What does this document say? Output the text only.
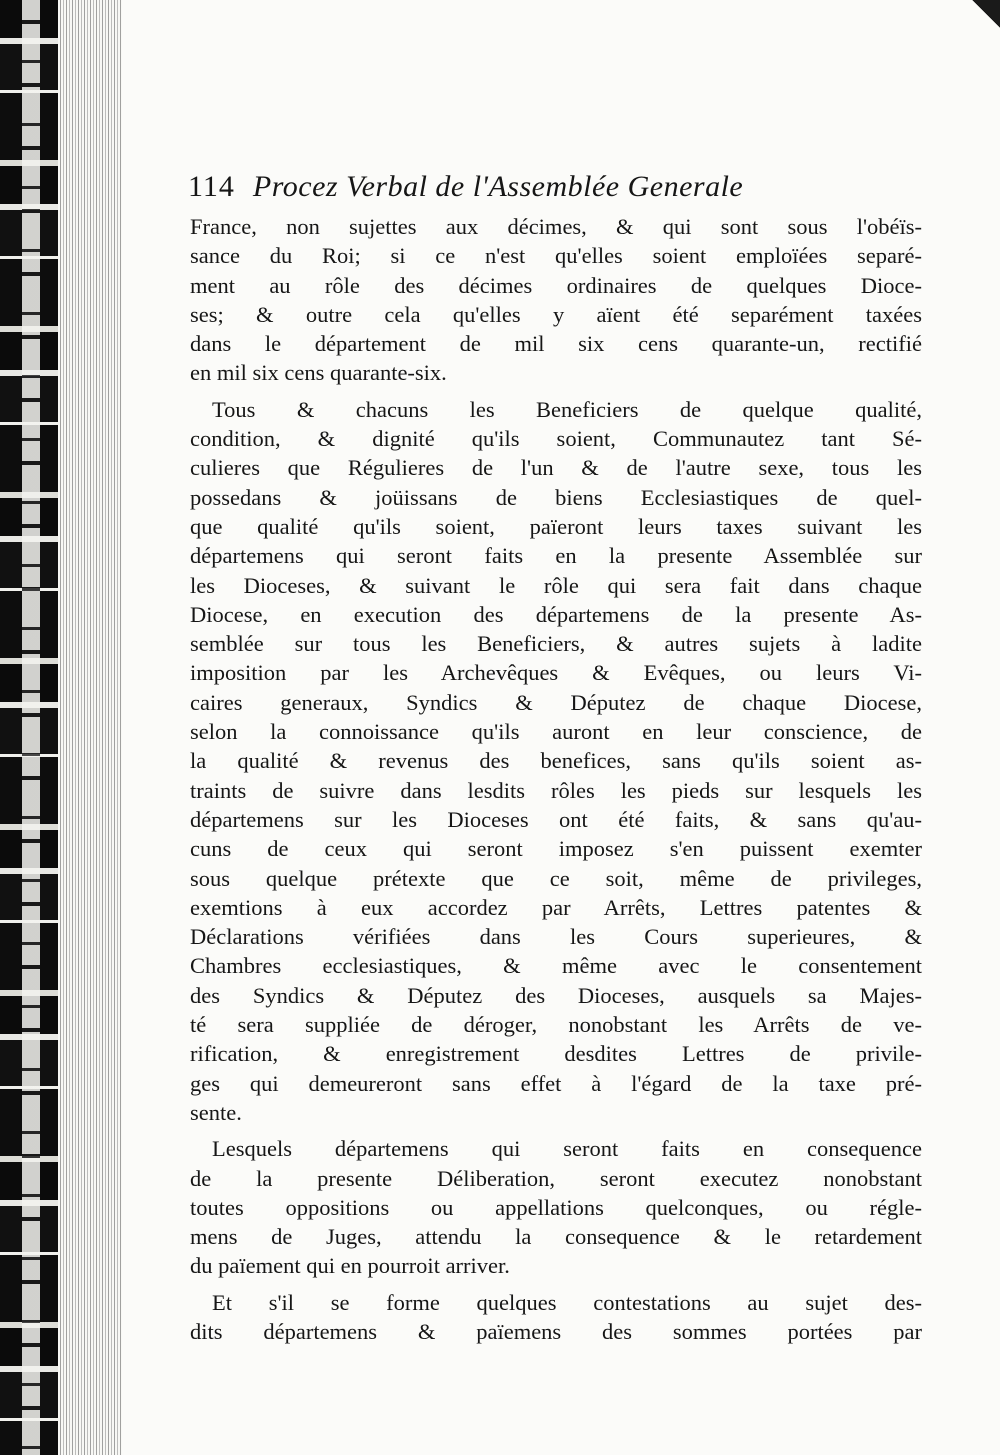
114 Procez Verbal de l'Assemblée Generale
France, non sujettes aux décimes, & qui sont sous l'obéïs-
sance du Roi; si ce n'est qu'elles soient emploïées separé-
ment au rôle des décimes ordinaires de quelques Dioce-
ses; & outre cela qu'elles y aïent été separément taxées
dans le département de mil six cens quarante-un, rectifié
en mil six cens quarante-six.
Tous & chacuns les Beneficiers de quelque qualité,
condition, & dignité qu'ils soient, Communautez tant Sé-
culieres que Régulieres de l'un & de l'autre sexe, tous les
possedans & joüissans de biens Ecclesiastiques de quel-
que qualité qu'ils soient, païeront leurs taxes suivant les
départemens qui seront faits en la presente Assemblée sur
les Dioceses, & suivant le rôle qui sera fait dans chaque
Diocese, en execution des départemens de la presente As-
semblée sur tous les Beneficiers, & autres sujets à ladite
imposition par les Archevêques & Evêques, ou leurs Vi-
caires generaux, Syndics & Députez de chaque Diocese,
selon la connoissance qu'ils auront en leur conscience, de
la qualité & revenus des benefices, sans qu'ils soient as-
traints de suivre dans lesdits rôles les pieds sur lesquels les
départemens sur les Dioceses ont été faits, & sans qu'au-
cuns de ceux qui seront imposez s'en puissent exemter
sous quelque prétexte que ce soit, même de privileges,
exemtions à eux accordez par Arrêts, Lettres patentes &
Déclarations vérifiées dans les Cours superieures, &
Chambres ecclesiastiques, & même avec le consentement
des Syndics & Députez des Dioceses, ausquels sa Majes-
té sera suppliée de déroger, nonobstant les Arrêts de ve-
rification, & enregistrement desdites Lettres de privile-
ges qui demeureront sans effet à l'égard de la taxe pré-
sente.
Lesquels départemens qui seront faits en consequence
de la presente Déliberation, seront executez nonobstant
toutes oppositions ou appellations quelconques, ou régle-
mens de Juges, attendu la consequence & le retardement
du païement qui en pourroit arriver.
Et s'il se forme quelques contestations au sujet des-
dits départemens & païemens des sommes portées par
